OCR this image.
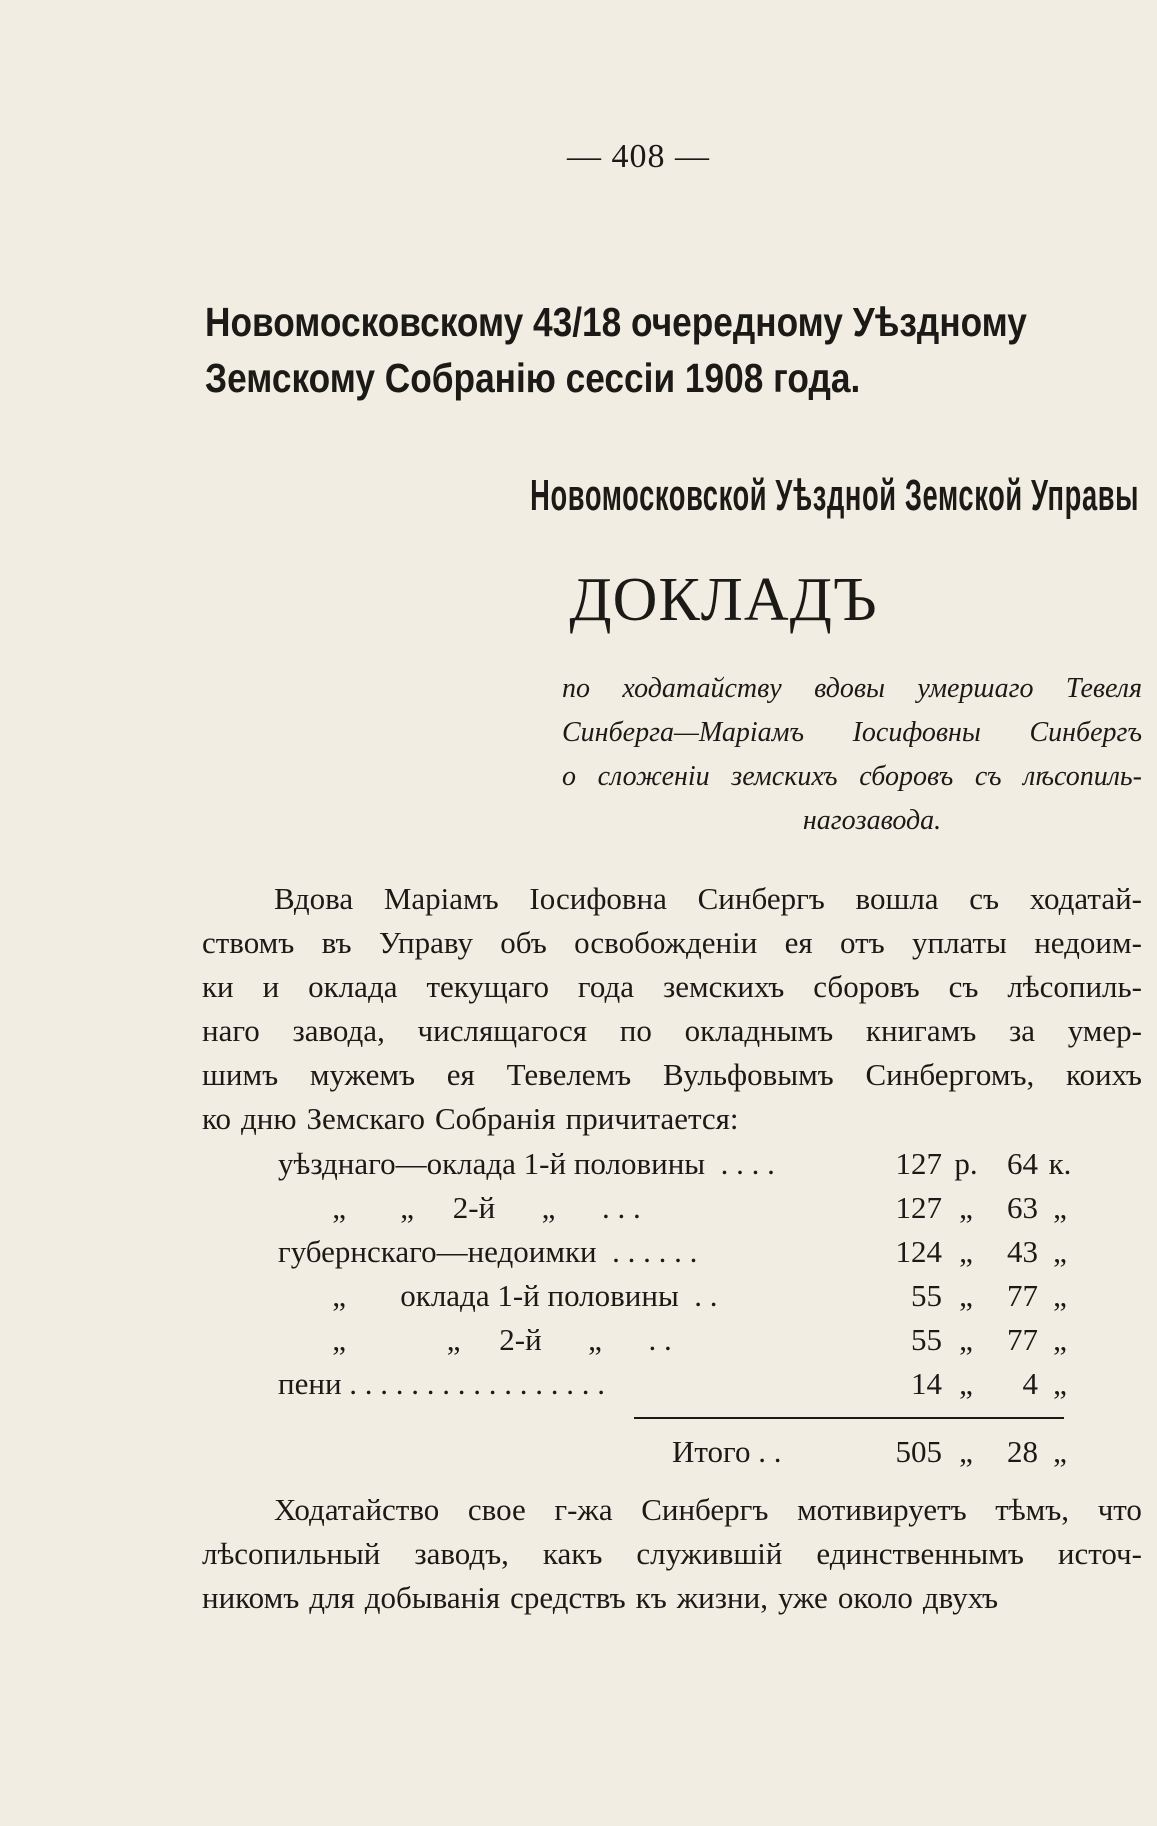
— 408 —
Новомосковскому 43/18 очередному Уѣздному
Земскому Собранію сессіи 1908 года.
Новомосковской Уѣздной Земской Управы
ДОКЛАДЪ
по ходатайству вдовы умершаго Тевеля
Синберга—Маріамъ Іосифовны Синбергъ
о сложеніи земскихъ сборовъ съ лѣсопиль-
наго завода.
Вдова Маріамъ Іосифовна Синбергъ вошла съ ходатай-
ствомъ въ Управу объ освобожденіи ея отъ уплаты недоим-
ки и оклада текущаго года земскихъ сборовъ съ лѣсопиль-
наго завода, числящагося по окладнымъ книгамъ за умер-
шимъ мужемъ ея Тевелемъ Вульфовымъ Синбергомъ, коихъ
ко дню Земскаго Собранія причитается:
уѣзднаго—оклада 1-й половины  . . . .	127 р. 64 к.
„       „     2-й      „      . . .	127 „	63 „
губернскаго—недоимки  . . . . . .	124 „	43 „
„       оклада 1-й половины  . .	55 „	77 „
„             „     2-й      „      . .	55 „	77 „
пени . . . . . . . . . . . . . . . . .	14 „	4 „
Итого . .	505 „	28 „
Ходатайство свое г-жа Синбергъ мотивируетъ тѣмъ, что
лѣсопильный заводъ, какъ служившій единственнымъ источ-
никомъ для добыванія средствъ къ жизни, уже около двухъ
